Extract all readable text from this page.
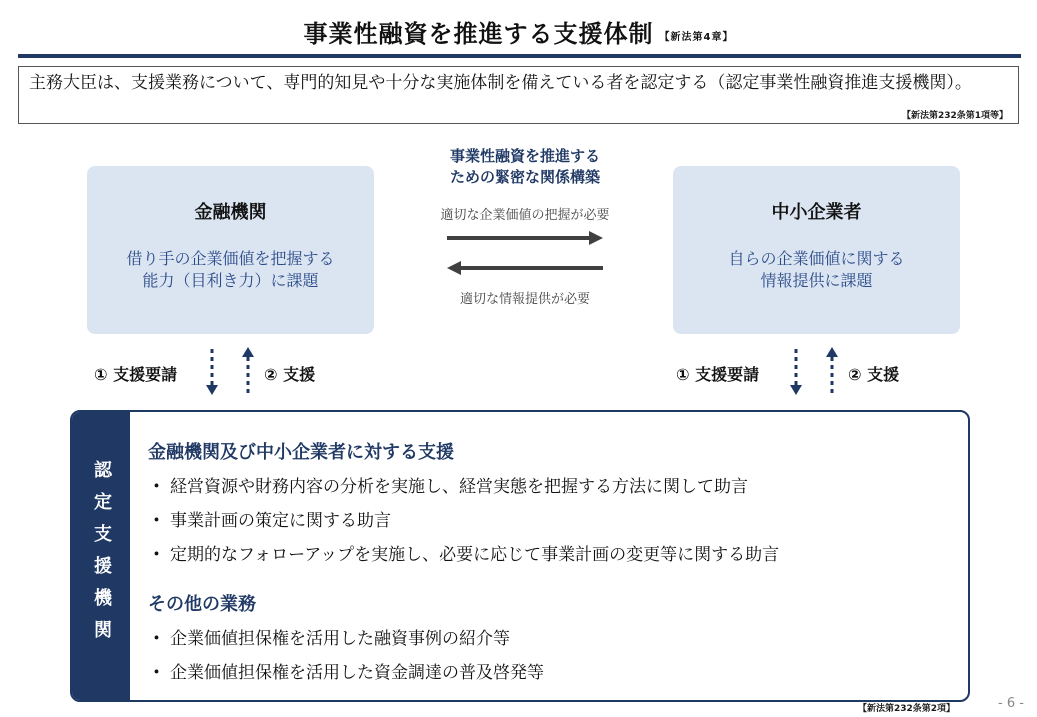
事業性融資を推進する支援体制 【新法第4章】
主務大臣は、支援業務について、専門的知見や十分な実施体制を備えている者を認定する（認定事業性融資推進支援機関）。
【新法第232条第1項等】
金融機関
借り手の企業価値を把握する
能力（目利き力）に課題
中小企業者
自らの企業価値に関する
情報提供に課題
事業性融資を推進する
ための緊密な関係構築
適切な企業価値の把握が必要
適切な情報提供が必要
① 支援要請	② 支援	① 支援要請	② 支援
認定支援機関
金融機関及び中小企業者に対する支援
・ 経営資源や財務内容の分析を実施し、経営実態を把握する方法に関して助言
・ 事業計画の策定に関する助言
・ 定期的なフォローアップを実施し、必要に応じて事業計画の変更等に関する助言
その他の業務
・ 企業価値担保権を活用した融資事例の紹介等
・ 企業価値担保権を活用した資金調達の普及啓発等
【新法第232条第2項】	- 6 -
